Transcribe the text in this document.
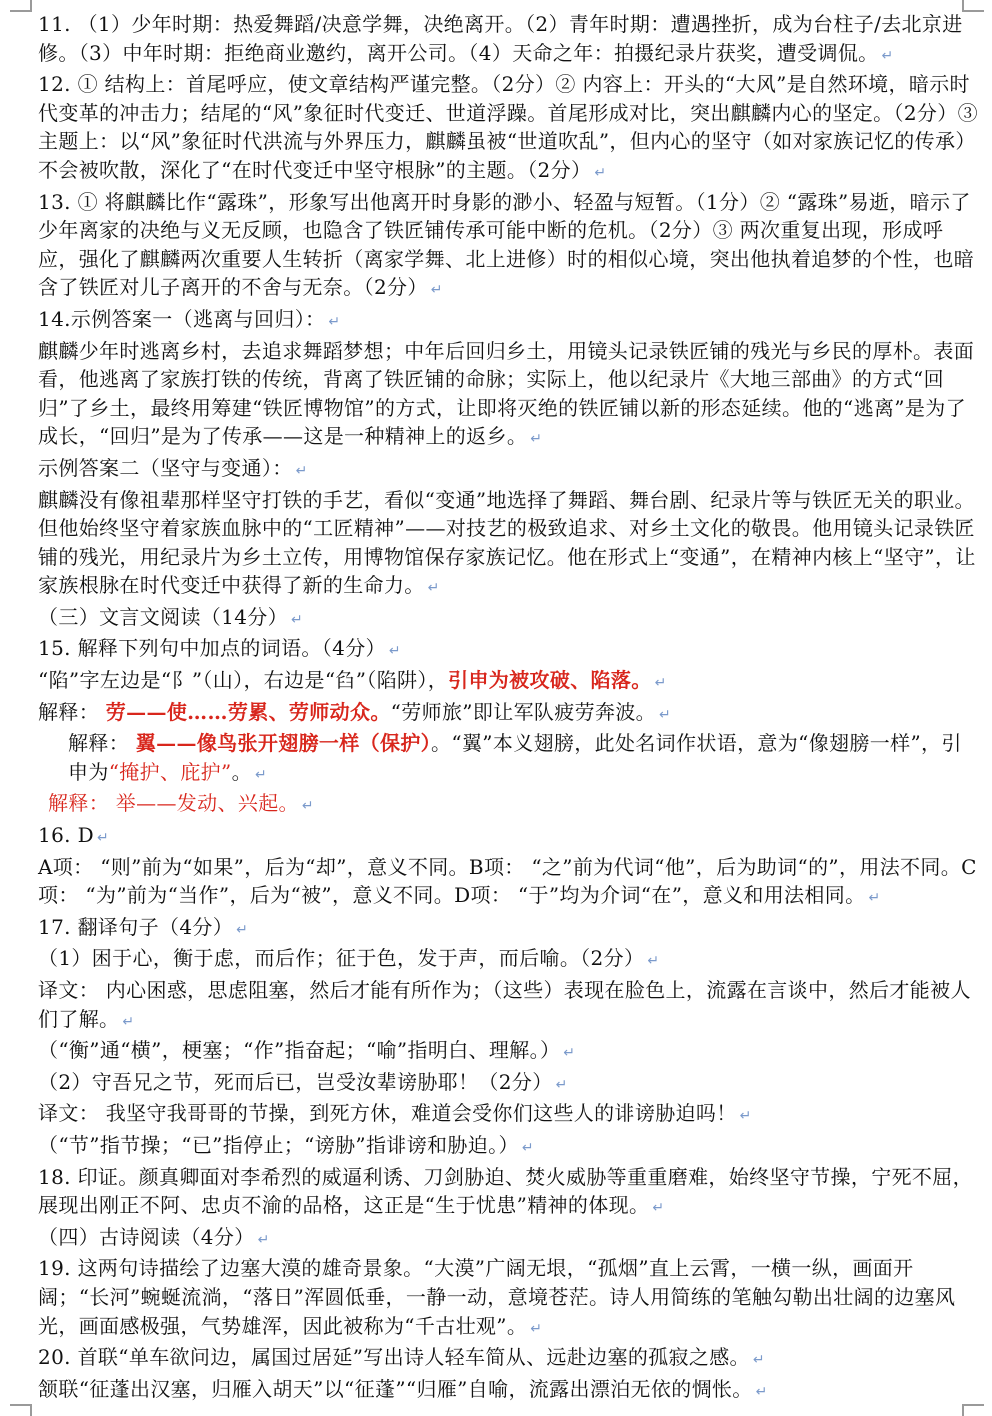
11. （1）少年时期：热爱舞蹈/决意学舞，决绝离开。（2）青年时期：遭遇挫折，成为台柱子/去北京进修。（3）中年时期：拒绝商业邀约，离开公司。（4）天命之年：拍摄纪录片获奖，遭受调侃。 ↵

12. ① 结构上：首尾呼应，使文章结构严谨完整。（2分）② 内容上：开头的“大风”是自然环境，暗示时代变革的冲击力；结尾的“风”象征时代变迁、世道浮躁。首尾形成对比，突出麒麟内心的坚定。（2分）③ 主题上：以“风”象征时代洪流与外界压力，麒麟虽被“世道吹乱”，但内心的坚守（如对家族记忆的传承）不会被吹散，深化了“在时代变迁中坚守根脉”的主题。（2分） ↵

13. ① 将麒麟比作“露珠”，形象写出他离开时身影的渺小、轻盈与短暂。（1分）② “露珠”易逝，暗示了少年离家的决绝与义无反顾，也隐含了铁匠铺传承可能中断的危机。（2分）③ 两次重复出现，形成呼应，强化了麒麟两次重要人生转折（离家学舞、北上进修）时的相似心境，突出他执着追梦的个性，也暗含了铁匠对儿子离开的不舍与无奈。（2分） ↵

14.示例答案一（逃离与回归）： ↵

麒麟少年时逃离乡村，去追求舞蹈梦想；中年后回归乡土，用镜头记录铁匠铺的残光与乡民的厚朴。表面看，他逃离了家族打铁的传统，背离了铁匠铺的命脉；实际上，他以纪录片《大地三部曲》的方式“回归”了乡土，最终用筹建“铁匠博物馆”的方式，让即将灭绝的铁匠铺以新的形态延续。他的“逃离”是为了成长，“回归”是为了传承——这是一种精神上的返乡。 ↵

示例答案二（坚守与变通）： ↵

麒麟没有像祖辈那样坚守打铁的手艺，看似“变通”地选择了舞蹈、舞台剧、纪录片等与铁匠无关的职业。但他始终坚守着家族血脉中的“工匠精神”——对技艺的极致追求、对乡土文化的敬畏。他用镜头记录铁匠铺的残光，用纪录片为乡土立传，用博物馆保存家族记忆。他在形式上“变通”，在精神内核上“坚守”，让家族根脉在时代变迁中获得了新的生命力。 ↵

（三）文言文阅读（14分） ↵

15. 解释下列句中加点的词语。（4分） ↵

“陷”字左边是“阝”（山），右边是“臽”（陷阱），引申为被攻破、陷落。 ↵

解释： 劳——使……劳累、劳师动众。“劳师旅”即让军队疲劳奔波。 ↵

解释： 翼——像鸟张开翅膀一样（保护）。“翼”本义翅膀，此处名词作状语，意为“像翅膀一样”，引申为“掩护、庇护”。 ↵

解释： 举——发动、兴起。 ↵

16. D ↵

A项： “则”前为“如果”，后为“却”，意义不同。B项： “之”前为代词“他”，后为助词“的”，用法不同。C项： “为”前为“当作”，后为“被”，意义不同。D项： “于”均为介词“在”，意义和用法相同。 ↵

17. 翻译句子（4分） ↵

（1）困于心，衡于虑，而后作；征于色，发于声，而后喻。（2分） ↵

译文： 内心困惑，思虑阻塞，然后才能有所作为；（这些）表现在脸色上，流露在言谈中，然后才能被人们了解。 ↵

（“衡”通“横”，梗塞；“作”指奋起；“喻”指明白、理解。） ↵

（2）守吾兄之节，死而后已，岂受汝辈谤胁耶！（2分） ↵

译文： 我坚守我哥哥的节操，到死方休，难道会受你们这些人的诽谤胁迫吗！ ↵

（“节”指节操；“已”指停止；“谤胁”指诽谤和胁迫。） ↵

18. 印证。颜真卿面对李希烈的威逼利诱、刀剑胁迫、焚火威胁等重重磨难，始终坚守节操，宁死不屈，展现出刚正不阿、忠贞不渝的品格，这正是“生于忧患”精神的体现。 ↵

（四）古诗阅读（4分） ↵

19. 这两句诗描绘了边塞大漠的雄奇景象。“大漠”广阔无垠，“孤烟”直上云霄，一横一纵，画面开阔；“长河”蜿蜒流淌，“落日”浑圆低垂，一静一动，意境苍茫。诗人用简练的笔触勾勒出壮阔的边塞风光，画面感极强，气势雄浑，因此被称为“千古壮观”。 ↵

20. 首联“单车欲问边，属国过居延”写出诗人轻车简从、远赴边塞的孤寂之感。 ↵

颔联“征蓬出汉塞，归雁入胡天”以“征蓬”“归雁”自喻，流露出漂泊无依的惆怅。 ↵
